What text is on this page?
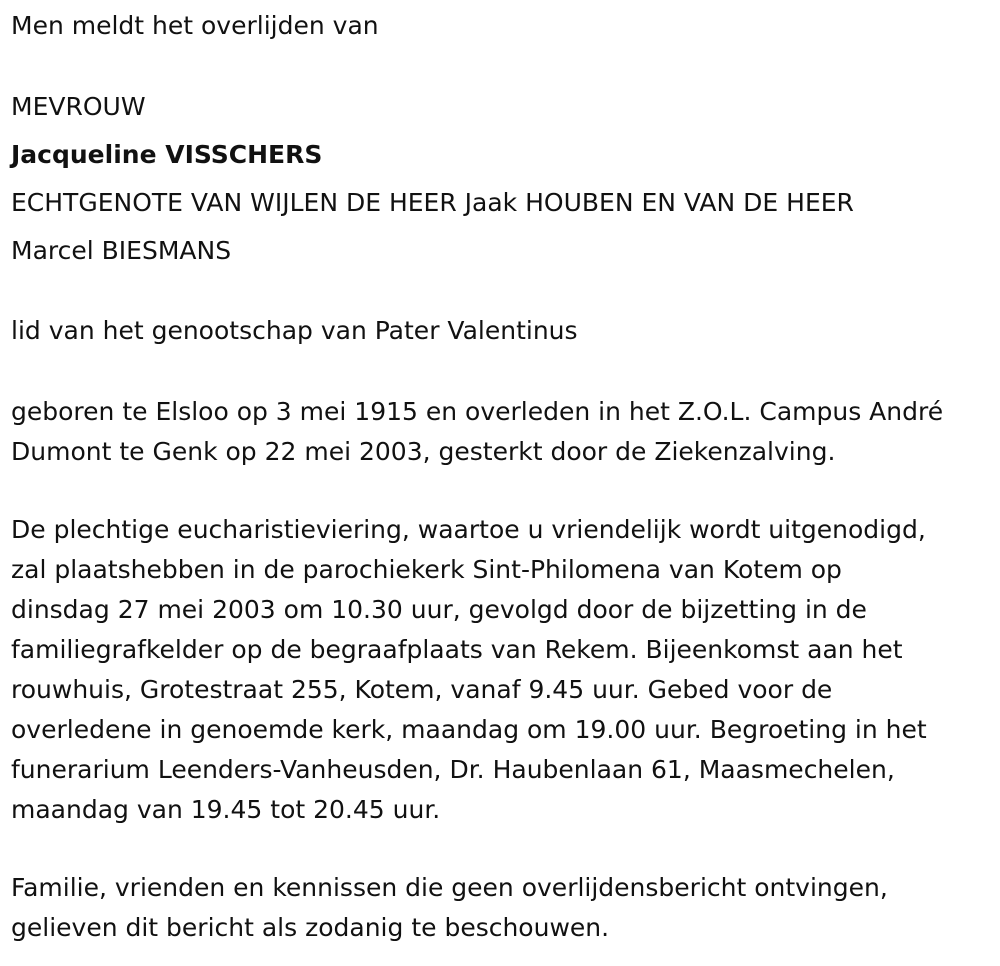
Men meldt het overlijden van
MEVROUW
Jacqueline VISSCHERS
ECHTGENOTE VAN WIJLEN DE HEER Jaak HOUBEN EN VAN DE HEER
Marcel BIESMANS
lid van het genootschap van Pater Valentinus
geboren te Elsloo op 3 mei 1915 en overleden in het Z.O.L. Campus André
Dumont te Genk op 22 mei 2003, gesterkt door de Ziekenzalving.
De plechtige eucharistieviering, waartoe u vriendelijk wordt uitgenodigd,
zal plaatshebben in de parochiekerk Sint-Philomena van Kotem op
dinsdag 27 mei 2003 om 10.30 uur, gevolgd door de bijzetting in de
familiegrafkelder op de begraafplaats van Rekem. Bijeenkomst aan het
rouwhuis, Grotestraat 255, Kotem, vanaf 9.45 uur. Gebed voor de
overledene in genoemde kerk, maandag om 19.00 uur. Begroeting in het
funerarium Leenders-Vanheusden, Dr. Haubenlaan 61, Maasmechelen,
maandag van 19.45 tot 20.45 uur.
Familie, vrienden en kennissen die geen overlijdensbericht ontvingen,
gelieven dit bericht als zodanig te beschouwen.
